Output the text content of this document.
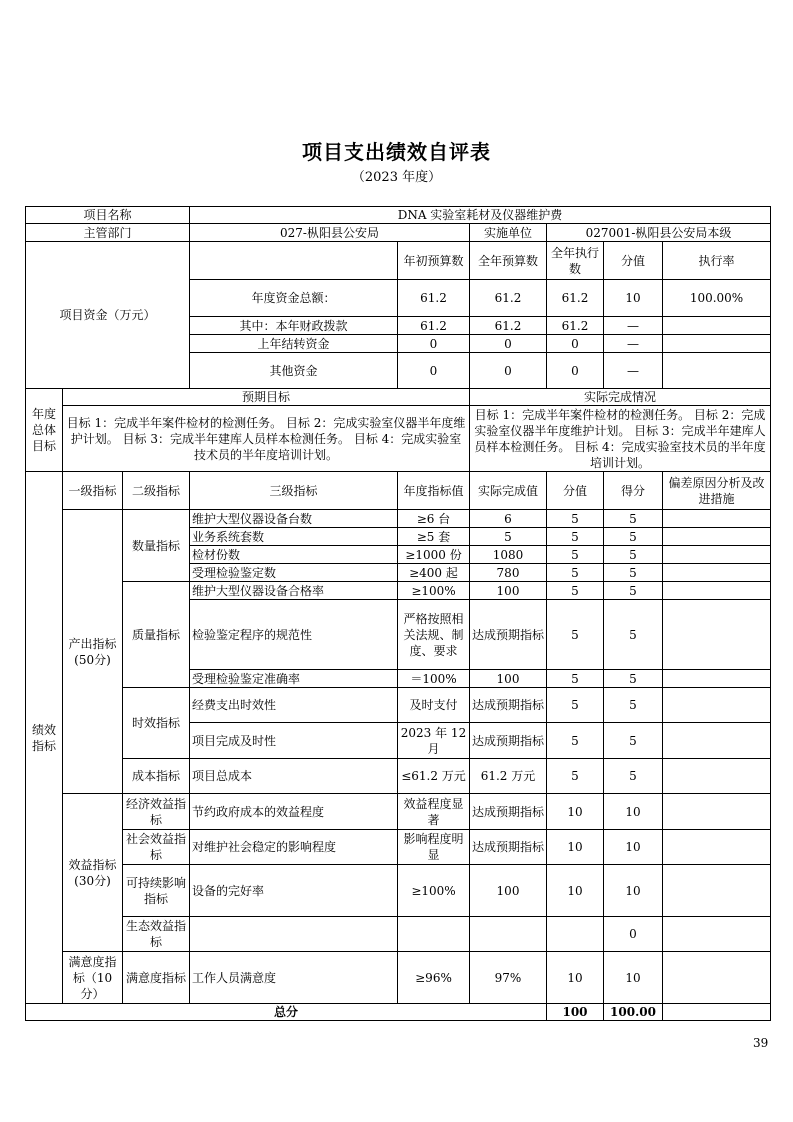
项目支出绩效自评表
（2023 年度）
项目名称			DNA 实验室耗材及仪器维护费						
主管部门			027-枞阳县公安局		实施单位	027001-枞阳县公安局本级			
项目资金（万元）				年初预算数	全年预算数	全年执行数	分值	执行率	
			年度资金总额：	61.2	61.2	61.2	10	100.00%	
			其中：本年财政拨款	61.2	61.2	61.2	—		
			上年结转资金	0	0	0	—		
			其他资金	0	0	0	—		
年度总体目标	预期目标				实际完成情况				
	目标 1：完成半年案件检材的检测任务。 目标 2：完成实验室仪器半年度维护计划。 目标 3：完成半年建库人员样本检测任务。 目标 4：完成实验室技术员的半年度培训计划。				目标 1：完成半年案件检材的检测任务。 目标 2：完成实验室仪器半年度维护计划。 目标 3：完成半年建库人员样本检测任务。 目标 4：完成实验室技术员的半年度培训计划。				
绩效指标	一级指标	二级指标	三级指标	年度指标值	实际完成值	分值	得分	偏差原因分析及改进措施	
	产出指标(50分)	数量指标	维护大型仪器设备台数	≥6 台	6	5	5		
			业务系统套数	≥5 套	5	5	5		
			检材份数	≥1000 份	1080	5	5		
			受理检验鉴定数	≥400 起	780	5	5		
		质量指标	维护大型仪器设备合格率	≥100%	100	5	5		
			检验鉴定程序的规范性	严格按照相关法规、制度、要求	达成预期指标	5	5		
			受理检验鉴定准确率	＝100%	100	5	5		
		时效指标	经费支出时效性	及时支付	达成预期指标	5	5		
			项目完成及时性	2023 年 12 月	达成预期指标	5	5		
		成本指标	项目总成本	≤61.2 万元	61.2 万元	5	5		
	效益指标(30分)	经济效益指标	节约政府成本的效益程度	效益程度显著	达成预期指标	10	10		
		社会效益指标	对维护社会稳定的影响程度	影响程度明显	达成预期指标	10	10		
		可持续影响指标	设备的完好率	≥100%	100	10	10		
		生态效益指标					0		
	满意度指标（10 分）	满意度指标	工作人员满意度	≥96%	97%	10	10		
总分						100	100.00		
39
